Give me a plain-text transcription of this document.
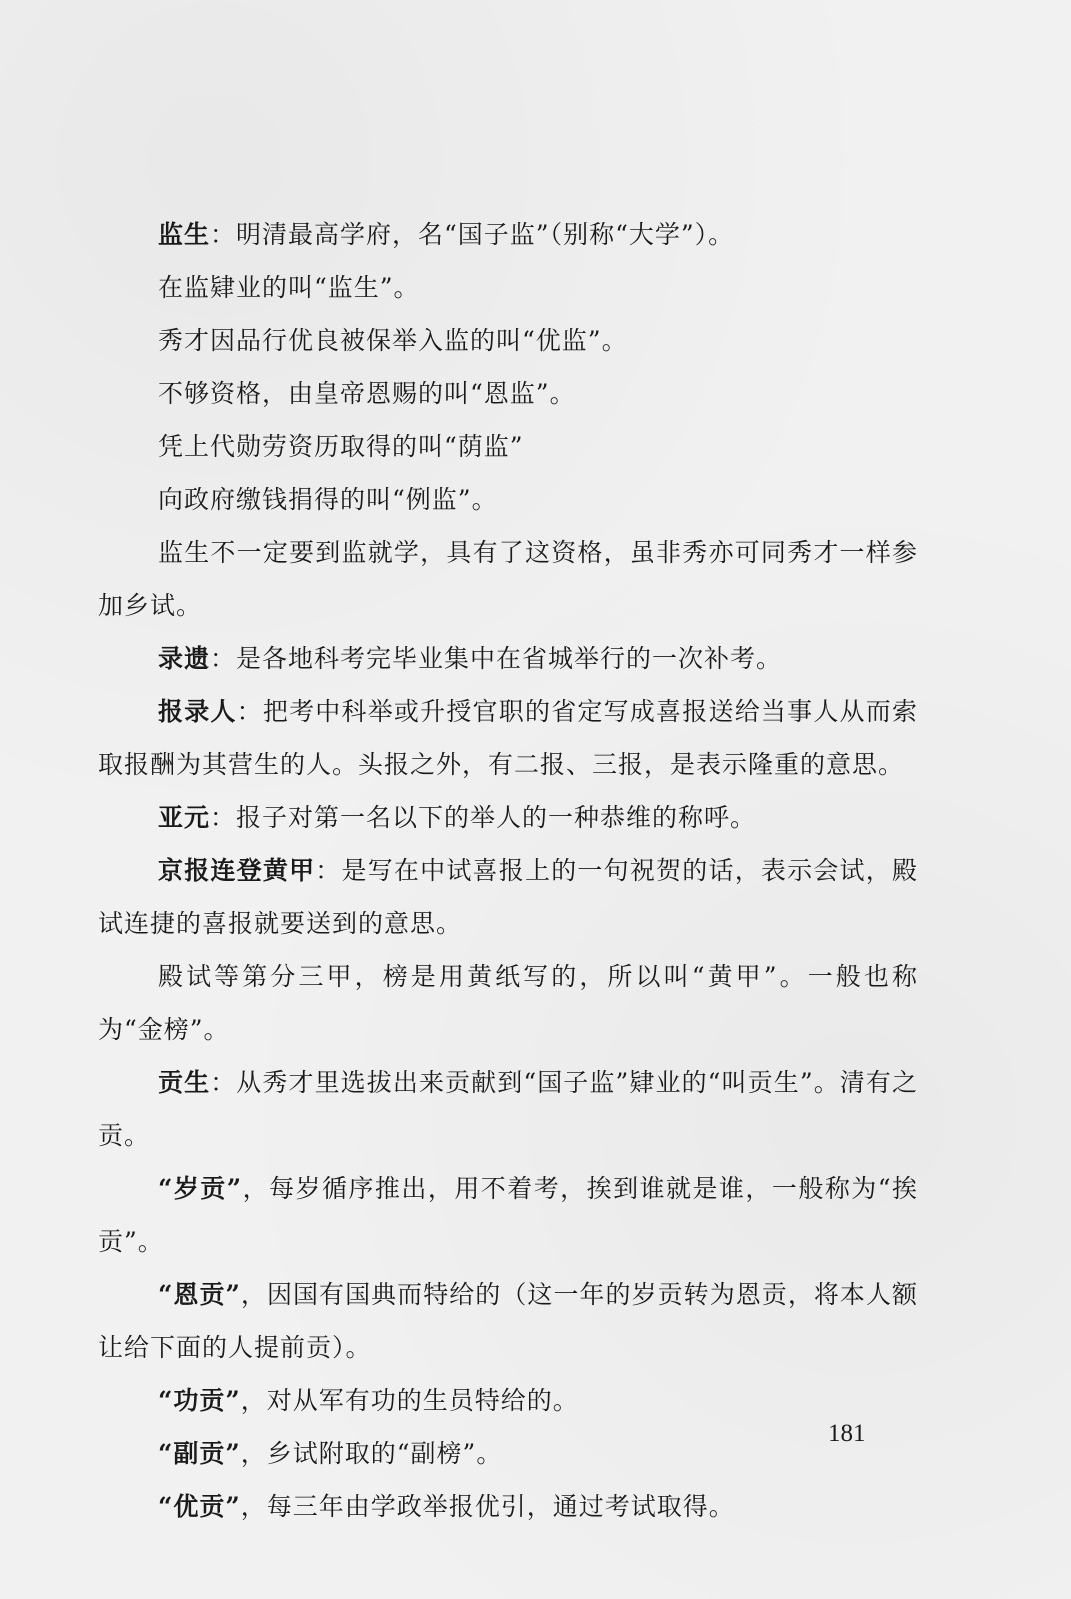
监生：明清最高学府，名“国子监”（别称“大学”）。

在监肄业的叫“监生”。

秀才因品行优良被保举入监的叫“优监”。

不够资格，由皇帝恩赐的叫“恩监”。

凭上代勋劳资历取得的叫“荫监”

向政府缴钱捐得的叫“例监”。

监生不一定要到监就学，具有了这资格，虽非秀亦可同秀才一样参加乡试。

录遗：是各地科考完毕业集中在省城举行的一次补考。

报录人：把考中科举或升授官职的省定写成喜报送给当事人从而索取报酬为其营生的人。头报之外，有二报、三报，是表示隆重的意思。

亚元：报子对第一名以下的举人的一种恭维的称呼。

京报连登黄甲：是写在中试喜报上的一句祝贺的话，表示会试，殿试连捷的喜报就要送到的意思。

殿试等第分三甲，榜是用黄纸写的，所以叫“黄甲”。一般也称为“金榜”。

贡生：从秀才里选拔出来贡献到“国子监”肄业的“叫贡生”。清有之贡。

“岁贡”，每岁循序推出，用不着考，挨到谁就是谁，一般称为“挨贡”。

“恩贡”，因国有国典而特给的（这一年的岁贡转为恩贡，将本人额让给下面的人提前贡）。

“功贡”，对从军有功的生员特给的。

“副贡”，乡试附取的“副榜”。

“优贡”，每三年由学政举报优引，通过考试取得。

181
